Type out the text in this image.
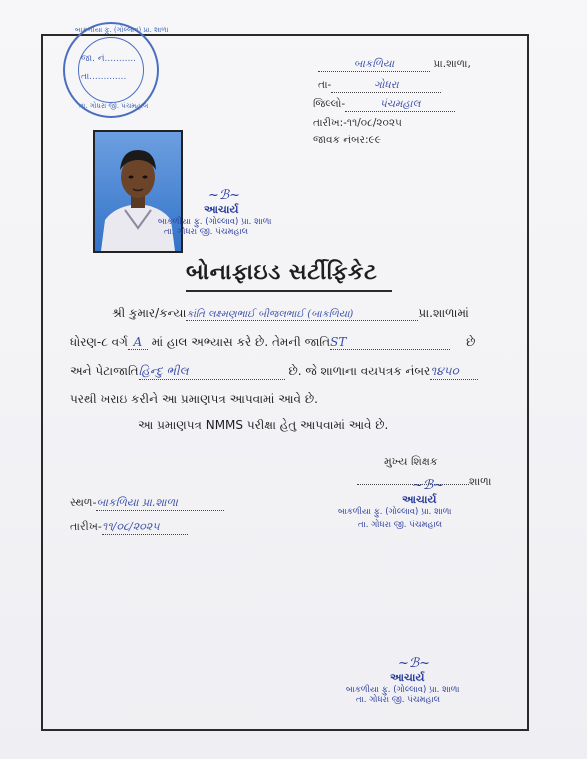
બાકળીયા ફુ. (ગોલ્લાવ) પ્રા. શાળા
જા. નં...........
તા.............
તા. ગોધરા જી. પંચમહાલ
બાકળિયા	પ્રા.શાળા,
તા-	ગોધરા
જિલ્લો-	પંચમહાલ
તારીખ:-૧૧/૦૮/૨૦૨૫
જાવક નંબર:૯૯
~ℬ~
આચાર્ય
બાકળીયા ફુ. (ગોલ્લાવ) પ્રા. શાળા
તા. ગોધરા જી. પંચમહાલ
બોનાફાઇડ સર્ટીફિકેટ
શ્રી કુમાર/કન્યાકાંતિ લક્ષ્મણભાઈ બીજલભાઈ (બાકળિયા)	પ્રા.શાળામાં
ધોરણ-૮ વર્ગ A માં હાલ અભ્યાસ કરે છે. તેમની જાતિST	છે
અને પેટાજાતિહિન્દુ ભીલ	છે. જે શાળાના વયપત્રક નંબર૧૪૫૦
પરથી ખરાઇ કરીને આ પ્રમાણપત્ર આપવામાં આવે છે.
આ પ્રમાણપત્ર NMMS પરીક્ષા હેતુ આપવામાં આવે છે.
મુખ્ય શિક્ષક
શાળા
~ℬ~
આચાર્ય
બાકળીયા ફુ. (ગોલ્લાવ) પ્રા. શાળા
તા. ગોધરા જી. પંચમહાલ
સ્થળ-બાકળિયા પ્રા.શાળા
તારીખ-૧૧/૦૮/૨૦૨૫
~ℬ~
આચાર્ય
બાકળીયા ફુ. (ગોલ્લાવ) પ્રા. શાળા
તા. ગોધરા જી. પંચમહાલ
